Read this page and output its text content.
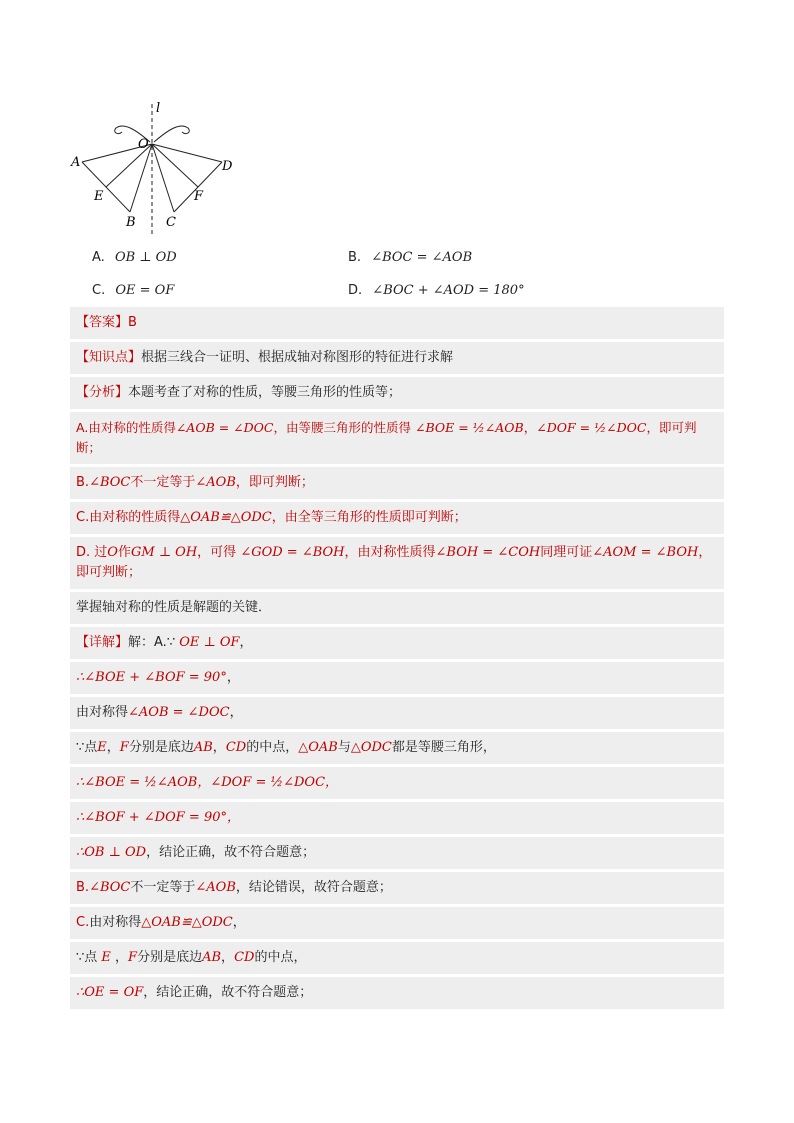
l
O
A	D
E	F
B C
A. OB ⊥ OD	B. ∠BOC = ∠AOB
C. OE = OF	D. ∠BOC + ∠AOD = 180°
【答案】B
【知识点】根据三线合一证明、根据成轴对称图形的特征进行求解
【分析】本题考查了对称的性质，等腰三角形的性质等；
A.由对称的性质得∠AOB = ∠DOC，由等腰三角形的性质得 ∠BOE = ½∠AOB，∠DOF = ½∠DOC，即可判断；
B.∠BOC不一定等于∠AOB，即可判断；
C.由对称的性质得△OAB≌△ODC，由全等三角形的性质即可判断；
D. 过O作GM ⊥ OH，可得 ∠GOD = ∠BOH，由对称性质得∠BOH = ∠COH同理可证∠AOM = ∠BOH，即可判断；
掌握轴对称的性质是解题的关键．
【详解】解：A.∵ OE ⊥ OF，
∴∠BOE + ∠BOF = 90°，
由对称得∠AOB = ∠DOC，
∵点E，F分别是底边AB，CD的中点，△OAB与△ODC都是等腰三角形，
∴∠BOE = ½∠AOB，∠DOF = ½∠DOC，
∴∠BOF + ∠DOF = 90°，
∴OB ⊥ OD，结论正确，故不符合题意；
B.∠BOC不一定等于∠AOB，结论错误，故符合题意；
C.由对称得△OAB≌△ODC，
∵点 E ，F分别是底边AB，CD的中点，
∴OE = OF，结论正确，故不符合题意；
